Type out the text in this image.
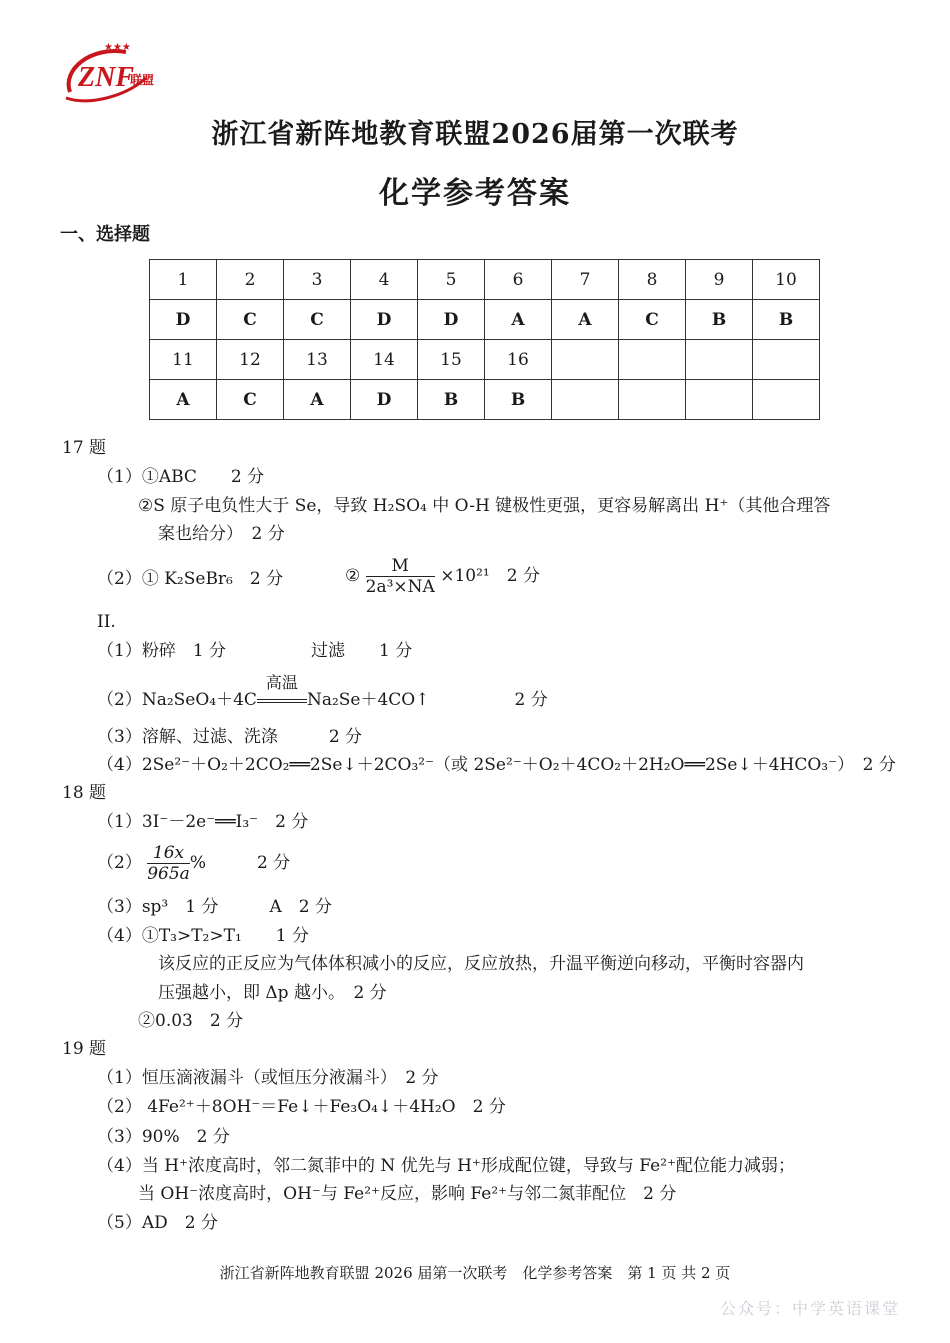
★★★
ZNF
联盟
浙江省新阵地教育联盟2026届第一次联考
化学参考答案
一、选择题
1	2	3	4	5	6	7	8	9	10
D	C	C	D	D	A	A	C	B	B
11	12	13	14	15	16				
A	C	A	D	B	B				
17 题
（1）①ABC　　2 分
②S 原子电负性大于 Se，导致 H₂SO₄ 中 O-H 键极性更强，更容易解离出 H⁺（其他合理答
案也给分）　2 分
（2）① K₂SeBr₆　2 分	② $\frac{M}{\text{2a³×NA}} \times 10^{21}$　2 分
II.
（1）粉碎　1 分　　　　　过滤　　1 分
（2）Na₂SeO₄＋4C
高温
Na₂Se＋4CO↑　　　　　2 分
（3）溶解、过滤、洗涤　　　2 分
（4）2Se²⁻＋O₂＋2CO₂══2Se↓＋2CO₃²⁻（或 2Se²⁻＋O₂＋4CO₂＋2H₂O══2Se↓＋4HCO₃⁻）　2 分
18 题
（1）3I⁻－2e⁻══I₃⁻　2 分
$(2) \frac{16x}{965a}$ %　　　2 分
（3）sp³　1 分　　　A　2 分
（4）①T₃>T₂>T₁　　1 分
该反应的正反应为气体体积减小的反应，反应放热，升温平衡逆向移动，平衡时容器内
压强越小，即 Δp 越小。　2 分
②0.03　2 分
19 题
（1）恒压滴液漏斗（或恒压分液漏斗）　2 分
（2） 4Fe²⁺＋8OH⁻＝Fe↓＋Fe₃O₄↓＋4H₂O　2 分
（3）90%　2 分
（4）当 H⁺浓度高时，邻二氮菲中的 N 优先与 H⁺形成配位键，导致与 Fe²⁺配位能力减弱；
当 OH⁻浓度高时，OH⁻与 Fe²⁺反应，影响 Fe²⁺与邻二氮菲配位　2 分
（5）AD　2 分
浙江省新阵地教育联盟 2026 届第一次联考　化学参考答案　第 1 页 共 2 页
公众号：中学英语课堂
